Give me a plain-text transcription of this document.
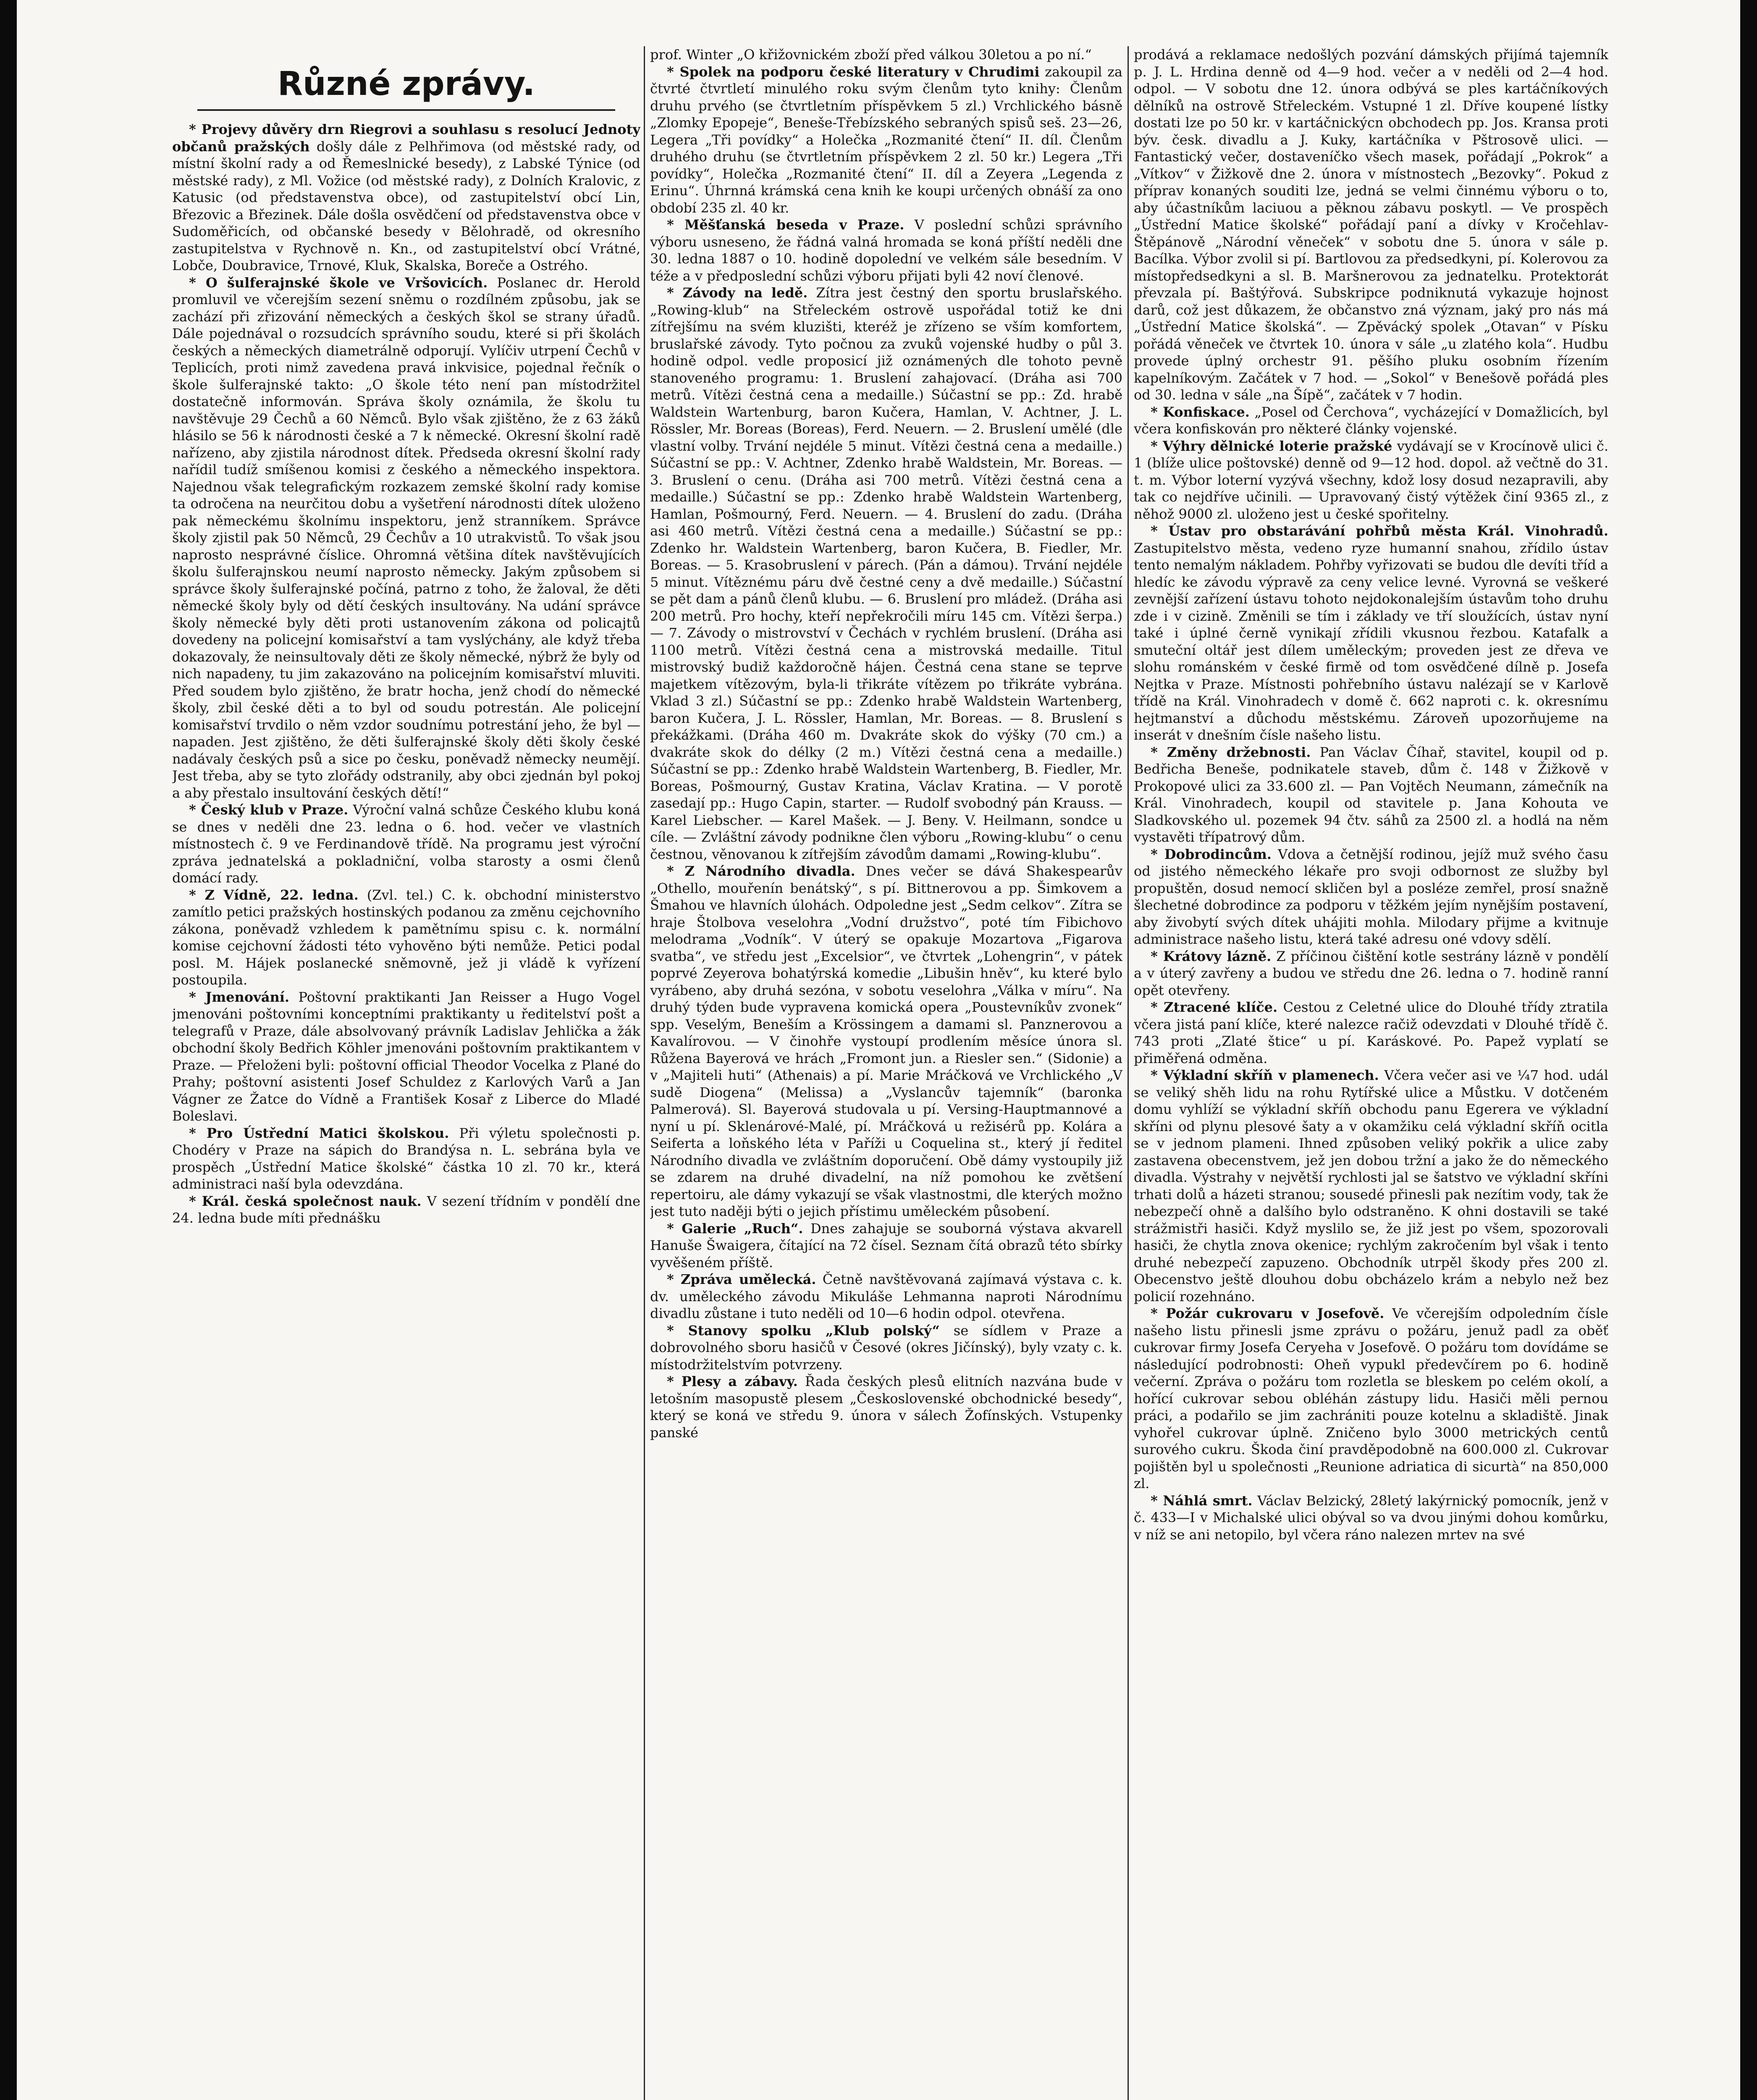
Různé zprávy.

* Projevy důvěry drn Riegrovi a souhlasu s resolucí Jednoty občanů pražských došly dále z Pelhřimova (od městské rady, od místní školní rady a od Řemeslnické besedy), z Labské Týnice (od městské rady), z Ml. Vožice (od městské rady), z Dolních Kralovic, z Katusic (od představenstva obce), od zastupitelství obcí Lin, Březovic a Březinek. Dále došla osvědčení od představenstva obce v Sudoměřicích, od občanské besedy v Bělohradě, od okresního zastupitelstva v Rychnově n. Kn., od zastupitelství obcí Vrátné, Lobče, Doubravice, Trnové, Kluk, Skalska, Boreče a Ostrého.

* O šulferajnské škole ve Vršovicích. Poslanec dr. Herold promluvil ve včerejším sezení sněmu o rozdílném způsobu, jak se zachází při zřizování německých a českých škol se strany úřadů. Dále pojednával o rozsudcích správního soudu, které si při školách českých a německých diametrálně odporují. Vylíčiv utrpení Čechů v Teplicích, proti nimž zavedena pravá inkvisice, pojednal řečník o škole šulferajnské takto: „O škole této není pan místodržitel dostatečně informován. Správa školy oznámila, že školu tu navštěvuje 29 Čechů a 60 Němců. Bylo však zjištěno, že z 63 žáků hlásilo se 56 k národnosti české a 7 k německé. Okresní školní radě nařízeno, aby zjistila národnost dítek. Předseda okresní školní rady nařídil tudíž smíšenou komisi z českého a německého inspektora. Najednou však telegrafickým rozkazem zemské školní rady komise ta odročena na neurčitou dobu a vyšetření národnosti dítek uloženo pak německému školnímu inspektoru, jenž stranníkem. Správce školy zjistil pak 50 Němců, 29 Čechův a 10 utrakvistů. To však jsou naprosto nesprávné číslice. Ohromná většina dítek navštěvujících školu šulferajnskou neumí naprosto německy. Jakým způsobem si správce školy šulferajnské počíná, patrno z toho, že žaloval, že děti německé školy byly od dětí českých insultovány. Na udání správce školy německé byly děti proti ustanovením zákona od policajtů dovedeny na policejní komisařství a tam vyslýchány, ale když třeba dokazovaly, že neinsultovaly děti ze školy německé, nýbrž že byly od nich napadeny, tu jim zakazováno na policejním komisařství mluviti. Před soudem bylo zjištěno, že bratr hocha, jenž chodí do německé školy, zbil české děti a to byl od soudu potrestán. Ale policejní komisařství trvdilo o něm vzdor soudnímu potrestání jeho, že byl — napaden. Jest zjištěno, že děti šulferajnské školy děti školy české nadávaly českých psů a sice po česku, poněvadž německy neumějí. Jest třeba, aby se tyto zlořády odstranily, aby obci zjednán byl pokoj a aby přestalo insultování českých dětí!“

* Český klub v Praze. Výroční valná schůze Českého klubu koná se dnes v neděli dne 23. ledna o 6. hod. večer ve vlastních místnostech č. 9 ve Ferdinandově třídě. Na programu jest výroční zpráva jednatelská a pokladniční, volba starosty a osmi členů domácí rady.

* Z Vídně, 22. ledna. (Zvl. tel.) C. k. obchodní ministerstvo zamítlo petici pražských hostinských podanou za změnu cejchovního zákona, poněvadž vzhledem k pamětnímu spisu c. k. normální komise cejchovní žádosti této vyhověno býti nemůže. Petici podal posl. M. Hájek poslanecké sněmovně, jež ji vládě k vyřízení postoupila.

* Jmenování. Poštovní praktikanti Jan Reisser a Hugo Vogel jmenováni poštovními konceptními praktikanty u ředitelství pošt a telegrafů v Praze, dále absolvovaný právník Ladislav Jehlička a žák obchodní školy Bedřich Köhler jmenováni poštovním praktikantem v Praze. — Přeloženi byli: poštovní official Theodor Vocelka z Plané do Prahy; poštovní asistenti Josef Schuldez z Karlových Varů a Jan Vágner ze Žatce do Vídně a František Kosař z Liberce do Mladé Boleslavi.

* Pro Ústřední Matici školskou. Při výletu společnosti p. Chodéry v Praze na sápich do Brandýsa n. L. sebrána byla ve prospěch „Ústřední Matice školské“ částka 10 zl. 70 kr., která administraci naší byla odevzdána.

* Král. česká společnost nauk. V sezení třídním v pondělí dne 24. ledna bude míti přednášku

prof. Winter „O křižovnickém zboží před válkou 30letou a po ní.“

* Spolek na podporu české literatury v Chrudimi zakoupil za čtvrté čtvrtletí minulého roku svým členům tyto knihy: Členům druhu prvého (se čtvrtletním příspěvkem 5 zl.) Vrchlického básně „Zlomky Epopeje“, Beneše-Třebízského sebraných spisů seš. 23—26, Legera „Tři povídky“ a Holečka „Rozmanité čtení“ II. díl. Členům druhého druhu (se čtvrtletním příspěvkem 2 zl. 50 kr.) Legera „Tři povídky“, Holečka „Rozmanité čtení“ II. díl a Zeyera „Legenda z Erinu“. Úhrnná krámská cena knih ke koupi určených obnáší za ono období 235 zl. 40 kr.

* Měšťanská beseda v Praze. V poslední schůzi správního výboru usneseno, že řádná valná hromada se koná příští neděli dne 30. ledna 1887 o 10. hodině dopolední ve velkém sále besedním. V téže a v předposlední schůzi výboru přijati byli 42 noví členové.

* Závody na ledě. Zítra jest čestný den sportu bruslařského. „Rowing-klub“ na Střeleckém ostrově uspořádal totiž ke dni zítřejšímu na svém kluzišti, kteréž je zřízeno se vším komfortem, bruslařské závody. Tyto počnou za zvuků vojenské hudby o půl 3. hodině odpol. vedle proposicí již oznámených dle tohoto pevně stanoveného programu: 1. Bruslení zahajovací. (Dráha asi 700 metrů. Vítězi čestná cena a medaille.) Súčastní se pp.: Zd. hrabě Waldstein Wartenburg, baron Kučera, Hamlan, V. Achtner, J. L. Rössler, Mr. Boreas (Boreas), Ferd. Neuern. — 2. Bruslení umělé (dle vlastní volby. Trvání nejdéle 5 minut. Vítězi čestná cena a medaille.) Súčastní se pp.: V. Achtner, Zdenko hrabě Waldstein, Mr. Boreas. — 3. Bruslení o cenu. (Dráha asi 700 metrů. Vítězi čestná cena a medaille.) Súčastní se pp.: Zdenko hrabě Waldstein Wartenberg, Hamlan, Pošmourný, Ferd. Neuern. — 4. Bruslení do zadu. (Dráha asi 460 metrů. Vítězi čestná cena a medaille.) Súčastní se pp.: Zdenko hr. Waldstein Wartenberg, baron Kučera, B. Fiedler, Mr. Boreas. — 5. Krasobruslení v párech. (Pán a dámou). Trvání nejdéle 5 minut. Vítěznému páru dvě čestné ceny a dvě medaille.) Súčastní se pět dam a pánů členů klubu. — 6. Bruslení pro mládež. (Dráha asi 200 metrů. Pro hochy, kteří nepřekročili míru 145 cm. Vítězi šerpa.) — 7. Závody o mistrovství v Čechách v rychlém bruslení. (Dráha asi 1100 metrů. Vítězi čestná cena a mistrovská medaille. Titul mistrovský budiž každoročně hájen. Čestná cena stane se teprve majetkem vítězovým, byla-li třikráte vítězem po třikráte vybrána. Vklad 3 zl.) Súčastní se pp.: Zdenko hrabě Waldstein Wartenberg, baron Kučera, J. L. Rössler, Hamlan, Mr. Boreas. — 8. Bruslení s překážkami. (Dráha 460 m. Dvakráte skok do výšky (70 cm.) a dvakráte skok do délky (2 m.) Vítězi čestná cena a medaille.) Súčastní se pp.: Zdenko hrabě Waldstein Wartenberg, B. Fiedler, Mr. Boreas, Pošmourný, Gustav Kratina, Václav Kratina. — V porotě zasedají pp.: Hugo Capin, starter. — Rudolf svobodný pán Krauss. — Karel Liebscher. — Karel Mašek. — J. Beny. V. Heilmann, sondce u cíle. — Zvláštní závody podnikne člen výboru „Rowing-klubu“ o cenu čestnou, věnovanou k zítřejším závodům damami „Rowing-klubu“.

* Z Národního divadla. Dnes večer se dává Shakespearův „Othello, mouřenín benátský“, s pí. Bittnerovou a pp. Šimkovem a Šmahou ve hlavních úlohách. Odpoledne jest „Sedm celkov“. Zítra se hraje Štolbova veselohra „Vodní družstvo“, poté tím Fibichovo melodrama „Vodník“. V úterý se opakuje Mozartova „Figarova svatba“, ve středu jest „Excelsior“, ve čtvrtek „Lohengrin“, v pátek poprvé Zeyerova bohatýrská komedie „Libušin hněv“, ku které bylo vyrábeno, aby druhá sezóna, v sobotu veselohra „Válka v míru“. Na druhý týden bude vypravena komická opera „Poustevníkův zvonek“ spp. Veselým, Beneším a Krössingem a damami sl. Panznerovou a Kavalírovou. — V činohře vystoupí prodlením měsíce února sl. Růžena Bayerová ve hrách „Fromont jun. a Riesler sen.“ (Sidonie) a v „Majiteli huti“ (Athenais) a pí. Marie Mráčková ve Vrchlického „V sudě Diogena“ (Melissa) a „Vyslancův tajemník“ (baronka Palmerová). Sl. Bayerová studovala u pí. Versing-Hauptmannové a nyní u pí. Sklenárové-Malé, pí. Mráčková u režisérů pp. Kolára a Seiferta a loňského léta v Paříži u Coquelina st., který jí ředitel Národního divadla ve zvláštním doporučení. Obě dámy vystoupily již se zdarem na druhé divadelní, na níž pomohou ke zvětšení repertoiru, ale dámy vykazují se však vlastnostmi, dle kterých možno jest tuto naději býti o jejich přístimu uměleckém působení.

* Galerie „Ruch“. Dnes zahajuje se souborná výstava akvarell Hanuše Šwaigera, čítající na 72 čísel. Seznam čítá obrazů této sbírky vyvěšeném příště.

* Zpráva umělecká. Četně navštěvovaná zajímavá výstava c. k. dv. uměleckého závodu Mikuláše Lehmanna naproti Národnímu divadlu zůstane i tuto neděli od 10—6 hodin odpol. otevřena.

* Stanovy spolku „Klub polský“ se sídlem v Praze a dobrovolného sboru hasičů v Česové (okres Jičínský), byly vzaty c. k. místodržitelstvím potvrzeny.

* Plesy a zábavy. Řada českých plesů elitních nazvána bude v letošním masopustě plesem „Československé obchodnické besedy“, který se koná ve středu 9. února v sálech Žofínských. Vstupenky panské

prodává a reklamace nedošlých pozvání dámských přijímá tajemník p. J. L. Hrdina denně od 4—9 hod. večer a v neděli od 2—4 hod. odpol. — V sobotu dne 12. února odbývá se ples kartáčníkových dělníků na ostrově Střeleckém. Vstupné 1 zl. Dříve koupené lístky dostati lze po 50 kr. v kartáčnickýcn obchodech pp. Jos. Kransa proti býv. česk. divadlu a J. Kuky, kartáčníka v Pštrosově ulici. — Fantastický večer, dostaveníčko všech masek, pořádají „Pokrok“ a „Vítkov“ v Žižkově dne 2. února v místnostech „Bezovky“. Pokud z příprav konaných souditi lze, jedná se velmi činnému výboru o to, aby účastníkům laciuou a pěknou zábavu poskytl. — Ve prospěch „Ústřední Matice školské“ pořádají paní a dívky v Kročehlav-Štěpánově „Národní věneček“ v sobotu dne 5. února v sále p. Bacílka. Výbor zvolil si pí. Bartlovou za předsedkyni, pí. Kolerovou za místopředsedkyni a sl. B. Maršnerovou za jednatelku. Protektorát převzala pí. Baštýřová. Subskripce podniknutá vykazuje hojnost darů, což jest důkazem, že občanstvo zná význam, jaký pro nás má „Ústřední Matice školská“. — Zpěvácký spolek „Otavan“ v Písku pořádá věneček ve čtvrtek 10. února v sále „u zlatého kola“. Hudbu provede úplný orchestr 91. pěšího pluku osobním řízením kapelníkovým. Začátek v 7 hod. — „Sokol“ v Benešově pořádá ples od 30. ledna v sále „na Šípě“, začátek v 7 hodin.

* Konfiskace. „Posel od Čerchova“, vycházející v Domažlicích, byl včera konfiskován pro některé články vojenské.

* Výhry dělnické loterie pražské vydávají se v Krocínově ulici č. 1 (blíže ulice poštovské) denně od 9—12 hod. dopol. až večtně do 31. t. m. Výbor loterní vyzývá všechny, kdož losy dosud nezapravili, aby tak co nejdříve učinili. — Upravovaný čistý výtěžek činí 9365 zl., z něhož 9000 zl. uloženo jest u české spořitelny.

* Ústav pro obstarávání pohřbů města Král. Vinohradů. Zastupitelstvo města, vedeno ryze humanní snahou, zřídilo ústav tento nemalým nákladem. Pohřby vyřizovati se budou dle devíti tříd a hledíc ke závodu výpravě za ceny velice levné. Vyrovná se veškeré zevnější zařízení ústavu tohoto nejdokonalejším ústavům toho druhu zde i v cizině. Změnili se tím i základy ve tří sloužících, ústav nyní také i úplné černě vynikají zřídili vkusnou řezbou. Katafalk a smuteční oltář jest dílem uměleckým; proveden jest ze dřeva ve slohu románském v české firmě od tom osvědčené dílně p. Josefa Nejtka v Praze. Místnosti pohřebního ústavu nalézají se v Karlově třídě na Král. Vinohradech v domě č. 662 naproti c. k. okresnímu hejtmanství a důchodu městskému. Zároveň upozorňujeme na inserát v dnešním čísle našeho listu.

* Změny držebnosti. Pan Václav Číhař, stavitel, koupil od p. Bedřicha Beneše, podnikatele staveb, dům č. 148 v Žižkově v Prokopové ulici za 33.600 zl. — Pan Vojtěch Neumann, zámečník na Král. Vinohradech, koupil od stavitele p. Jana Kohouta ve Sladkovského ul. pozemek 94 čtv. sáhů za 2500 zl. a hodlá na něm vystavěti třípatrový dům.

* Dobrodincům. Vdova a četnější rodinou, jejíž muž svého času od jistého německého lékaře pro svoji odbornost ze služby byl propuštěn, dosud nemocí skličen byl a posléze zemřel, prosí snažně šlechetné dobrodince za podporu v těžkém jejím nynějším postavení, aby živobytí svých dítek uhájiti mohla. Milodary přijme a kvitnuje administrace našeho listu, která také adresu oné vdovy sdělí.

* Krátovy lázně. Z příčinou čištění kotle sestrány lázně v pondělí a v úterý zavřeny a budou ve středu dne 26. ledna o 7. hodině ranní opět otevřeny.

* Ztracené klíče. Cestou z Celetné ulice do Dlouhé třídy ztratila včera jistá paní klíče, které nalezce račiž odevzdati v Dlouhé třídě č. 743 proti „Zlaté štice“ u pí. Karáskové. Po. Papež vyplatí se přiměřená odměna.

* Výkladní skříň v plamenech. Včera večer asi ve ¼7 hod. udál se veliký shěh lidu na rohu Rytířské ulice a Můstku. V dotčeném domu vyhlíží se výkladní skříň obchodu panu Egerera ve výkladní skříni od plynu plesové šaty a v okamžiku celá výkladní skříň ocitla se v jednom plameni. Ihned způsoben veliký pokřik a ulice zaby zastavena obecenstvem, jež jen dobou tržní a jako že do německého divadla. Výstrahy v největší rychlosti jal se šatstvo ve výkladní skříni trhati dolů a házeti stranou; sousedé přinesli pak nezítim vody, tak že nebezpečí ohně a dalšího bylo odstraněno. K ohni dostavili se také strážmistři hasiči. Když myslilo se, že již jest po všem, spozorovali hasiči, že chytla znova okenice; rychlým zakročením byl však i tento druhé nebezpečí zapuzeno. Obchodník utrpěl škody přes 200 zl. Obecenstvo ještě dlouhou dobu obcházelo krám a nebylo než bez policií rozehnáno.

* Požár cukrovaru v Josefově. Ve včerejším odpoledním čísle našeho listu přinesli jsme zprávu o požáru, jenuž padl za oběť cukrovar firmy Josefa Ceryeha v Josefově. O požáru tom dovídáme se následující podrobnosti: Oheň vypukl předevčírem po 6. hodině večerní. Zpráva o požáru tom rozletla se bleskem po celém okolí, a hořící cukrovar sebou obléhán zástupy lidu. Hasiči měli pernou práci, a podařilo se jim zachrániti pouze kotelnu a skladiště. Jinak vyhořel cukrovar úplně. Zničeno bylo 3000 metrických centů surového cukru. Škoda činí pravděpodobně na 600.000 zl. Cukrovar pojištěn byl u společnosti „Reunione adriatica di sicurtà“ na 850,000 zl.

* Náhlá smrt. Václav Belzický, 28letý lakýrnický pomocník, jenž v č. 433—I v Michalské ulici obýval so va dvou jinými dohou komůrku, v níž se ani netopilo, byl včera ráno nalezen mrtev na své
